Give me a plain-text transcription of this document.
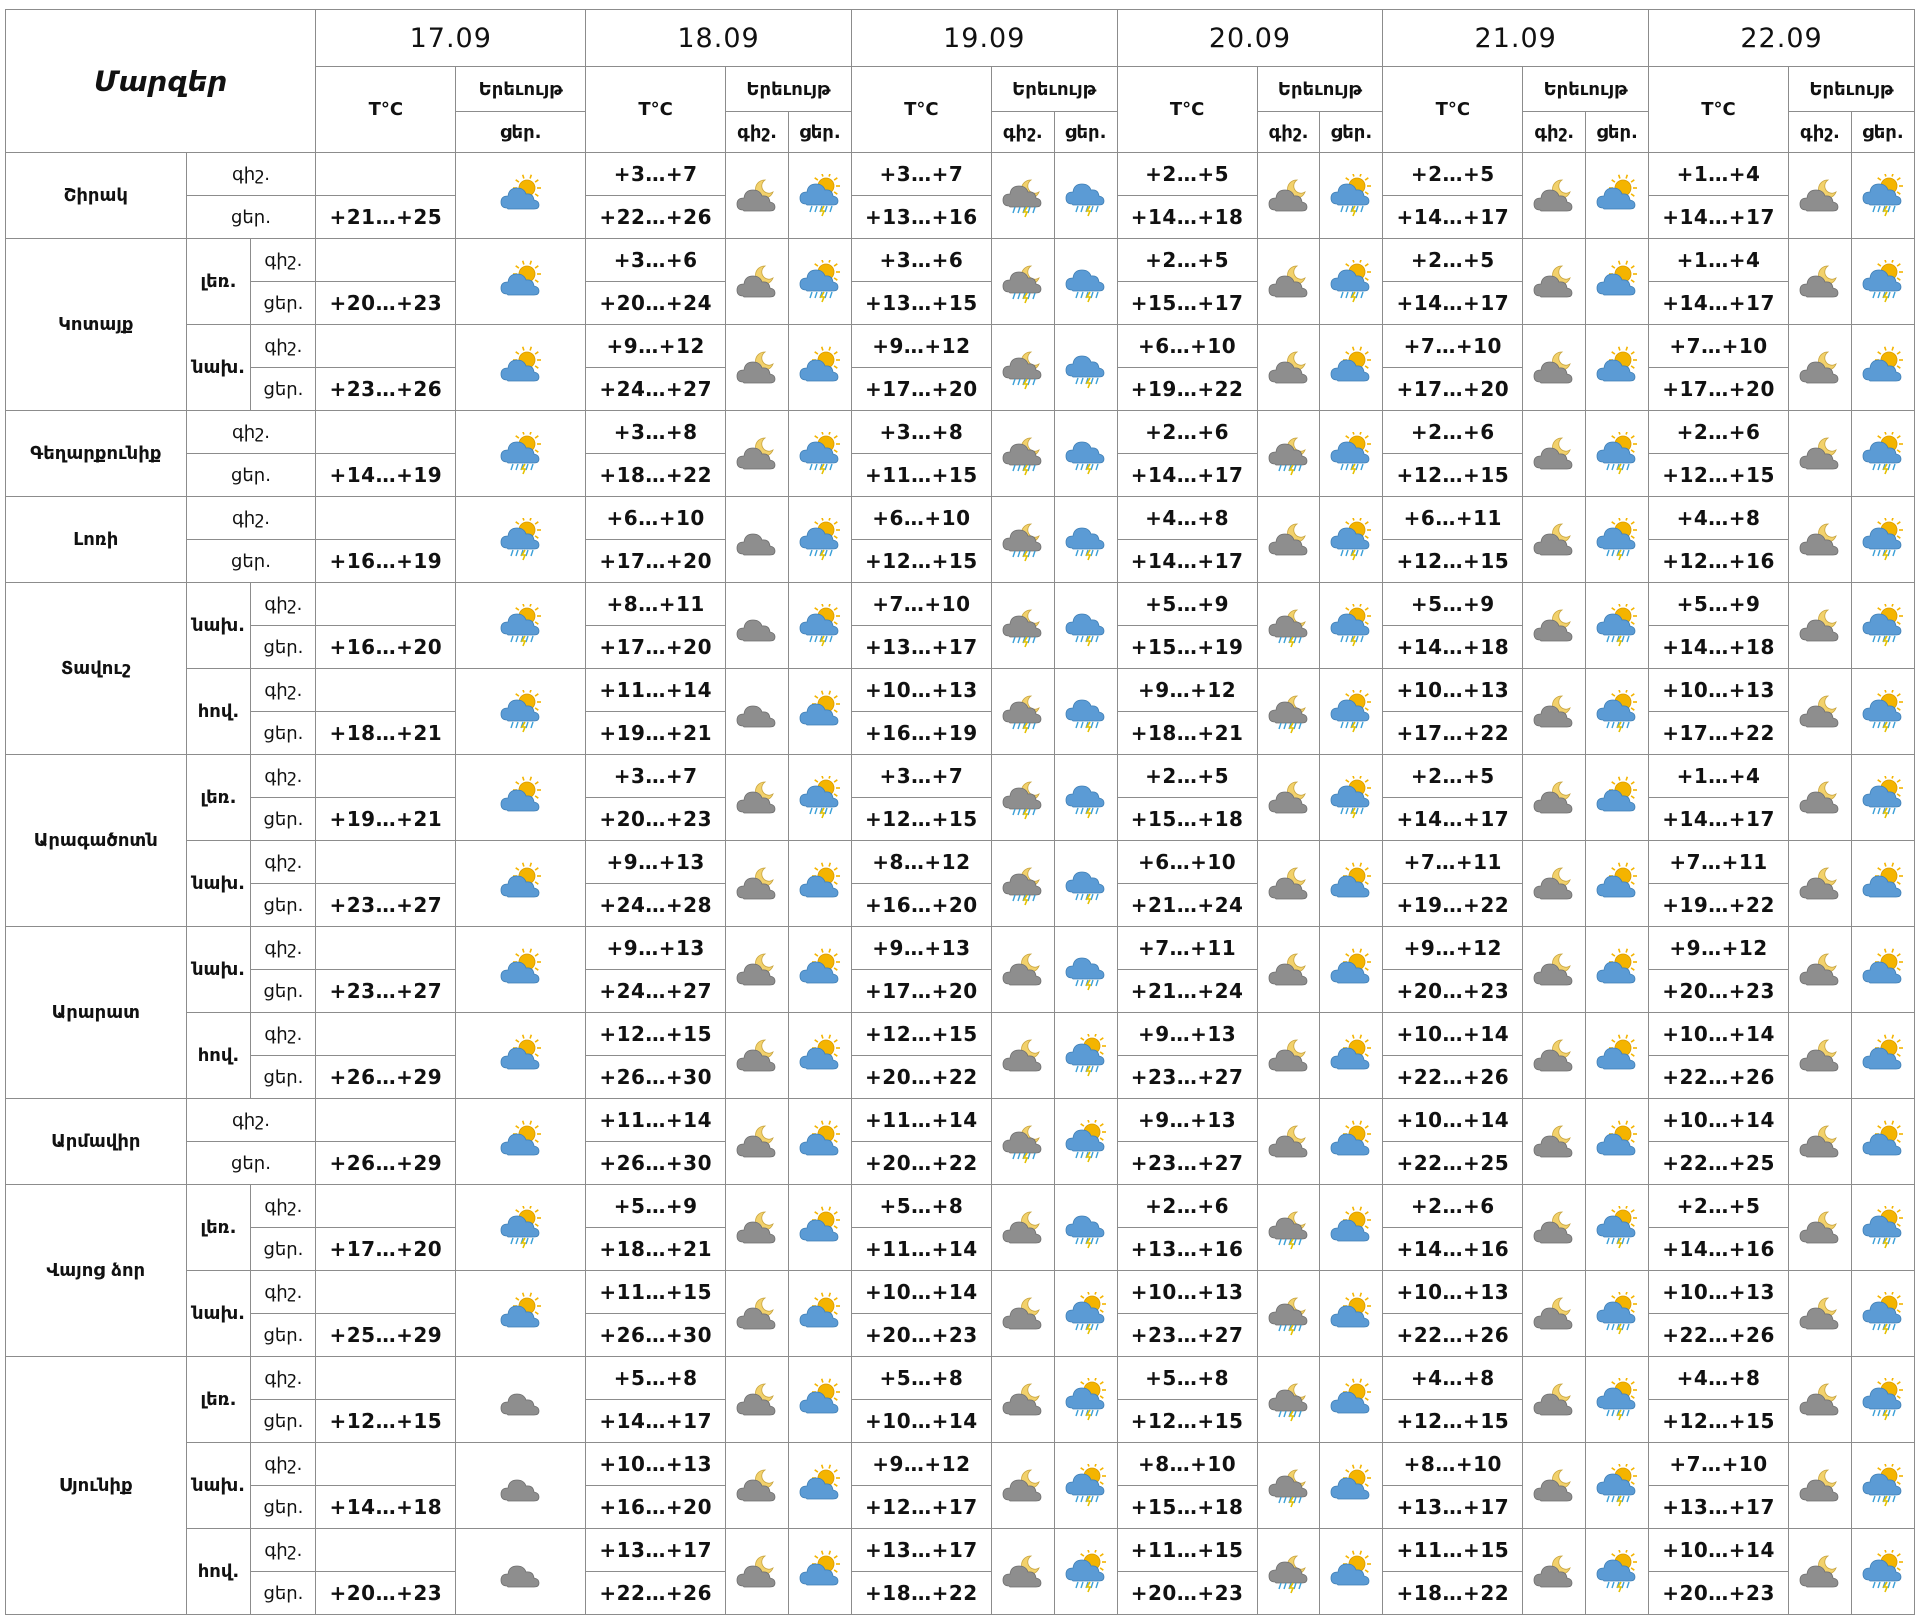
Մարզեր			17.09		18.09			19.09			20.09			21.09			22.09		
			T°C	Երեւույթ	T°C	Երեւույթ		T°C	Երեւույթ		T°C	Երեւույթ		T°C	Երեւույթ		T°C	Երեւույթ	
				ցեր.		գիշ.	ցեր.		գիշ.	ցեր.		գիշ.	ցեր.		գիշ.	ցեր.		գիշ.	ցեր.
Շիրակ	գիշ.				+3…+7			+3…+7			+2…+5			+2…+5			+1…+4	

	ցեր.		+21…+25		+22…+26			+13…+16			+14…+18			+14…+17			+14…+17		
Կոտայք	լեռ.	գիշ.			+3…+6			+3…+6			+2…+5			+2…+5			+1…+4	

		ցեր.	+20…+23		+20…+24			+13…+15			+15…+17			+14…+17			+14…+17		
	նախ.	գիշ.			+9…+12			+9…+12			+6…+10			+7…+10			+7…+10	

		ցեր.	+23…+26		+24…+27			+17…+20			+19…+22			+17…+20			+17…+20		
Գեղարքունիք	գիշ.				+3…+8			+3…+8			+2…+6			+2…+6			+2…+6	

	ցեր.		+14…+19		+18…+22			+11…+15			+14…+17			+12…+15			+12…+15		
Լոռի	գիշ.				+6…+10			+6…+10			+4…+8			+6…+11			+4…+8	

	ցեր.		+16…+19		+17…+20			+12…+15			+14…+17			+12…+15			+12…+16		
Տավուշ	նախ.	գիշ.			+8…+11			+7…+10			+5…+9			+5…+9			+5…+9	

		ցեր.	+16…+20		+17…+20			+13…+17			+15…+19			+14…+18			+14…+18		
	հով.	գիշ.			+11…+14			+10…+13			+9…+12			+10…+13			+10…+13	

		ցեր.	+18…+21		+19…+21			+16…+19			+18…+21			+17…+22			+17…+22		
Արագածոտն	լեռ.	գիշ.			+3…+7			+3…+7			+2…+5			+2…+5			+1…+4	

		ցեր.	+19…+21		+20…+23			+12…+15			+15…+18			+14…+17			+14…+17		
	նախ.	գիշ.			+9…+13			+8…+12			+6…+10			+7…+11			+7…+11	

		ցեր.	+23…+27		+24…+28			+16…+20			+21…+24			+19…+22			+19…+22		
Արարատ	նախ.	գիշ.			+9…+13			+9…+13			+7…+11			+9…+12			+9…+12	

		ցեր.	+23…+27		+24…+27			+17…+20			+21…+24			+20…+23			+20…+23		
	հով.	գիշ.			+12…+15			+12…+15			+9…+13			+10…+14			+10…+14	

		ցեր.	+26…+29		+26…+30			+20…+22			+23…+27			+22…+26			+22…+26		
Արմավիր	գիշ.				+11…+14			+11…+14			+9…+13			+10…+14			+10…+14	

	ցեր.		+26…+29		+26…+30			+20…+22			+23…+27			+22…+25			+22…+25		
Վայոց ձոր	լեռ.	գիշ.			+5…+9			+5…+8			+2…+6			+2…+6			+2…+5	

		ցեր.	+17…+20		+18…+21			+11…+14			+13…+16			+14…+16			+14…+16		
	նախ.	գիշ.			+11…+15			+10…+14			+10…+13			+10…+13			+10…+13	

		ցեր.	+25…+29		+26…+30			+20…+23			+23…+27			+22…+26			+22…+26		
Սյունիք	լեռ.	գիշ.			+5…+8			+5…+8			+5…+8			+4…+8			+4…+8	

		ցեր.	+12…+15		+14…+17			+10…+14			+12…+15			+12…+15			+12…+15		
	նախ.	գիշ.			+10…+13			+9…+12			+8…+10			+8…+10			+7…+10	

		ցեր.	+14…+18		+16…+20			+12…+17			+15…+18			+13…+17			+13…+17		
	հով.	գիշ.			+13…+17			+13…+17			+11…+15			+11…+15			+10…+14	

		ցեր.	+20…+23		+22…+26			+18…+22			+20…+23			+18…+22			+20…+23		
